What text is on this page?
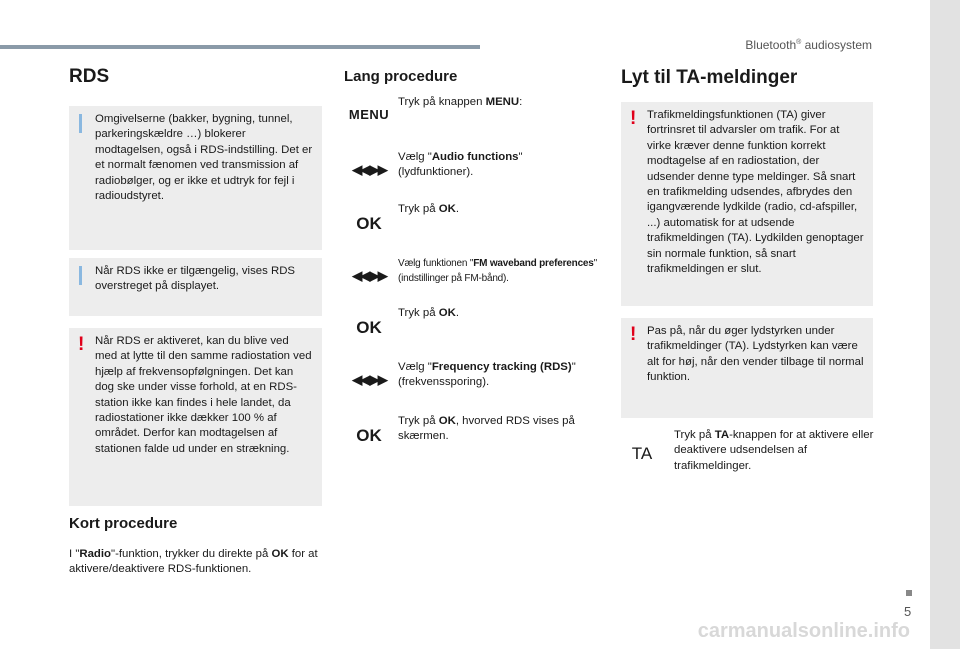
Bluetooth® audiosystem
RDS
Omgivelserne (bakker, bygning, tunnel, parkeringskældre …) blokerer modtagelsen, også i RDS-indstilling. Det er et normalt fænomen ved transmission af radiobølger, og er ikke et udtryk for fejl i radioudstyret.
Når RDS ikke er tilgængelig, vises RDS overstreget på displayet.
Når RDS er aktiveret, kan du blive ved med at lytte til den samme radiostation ved hjælp af frekvensopfølgningen. Det kan dog ske under visse forhold, at en RDS-station ikke kan findes i hele landet, da radiostationer ikke dækker 100 % af området. Derfor kan modtagelsen af stationen falde ud under en strækning.
Kort procedure
I "Radio"-funktion, trykker du direkte på OK for at aktivere/deaktivere RDS-funktionen.
Lang procedure
MENU
Tryk på knappen MENU:
◀◀ ▶▶
Vælg "Audio functions" (lydfunktioner).
OK
Tryk på OK.
◀◀ ▶▶
Vælg funktionen "FM waveband preferences" (indstillinger på FM-bånd).
OK
Tryk på OK.
◀◀ ▶▶
Vælg "Frequency tracking (RDS)" (frekvenssporing).
OK
Tryk på OK, hvorved RDS vises på skærmen.
Lyt til TA-meldinger
Trafikmeldingsfunktionen (TA) giver fortrinsret til advarsler om trafik. For at virke kræver denne funktion korrekt modtagelse af en radiostation, der udsender denne type meldinger. Så snart en trafikmelding udsendes, afbrydes den igangværende lydkilde (radio, cd-afspiller, ...) automatisk for at udsende trafikmeldingen (TA). Lydkilden genoptager sin normale funktion, så snart trafikmeldingen er slut.
Pas på, når du øger lydstyrken under trafikmeldinger (TA). Lydstyrken kan være alt for høj, når den vender tilbage til normal funktion.
TA
Tryk på TA-knappen for at aktivere eller deaktivere udsendelsen af trafikmeldinger.
5
carmanualsonline.info
